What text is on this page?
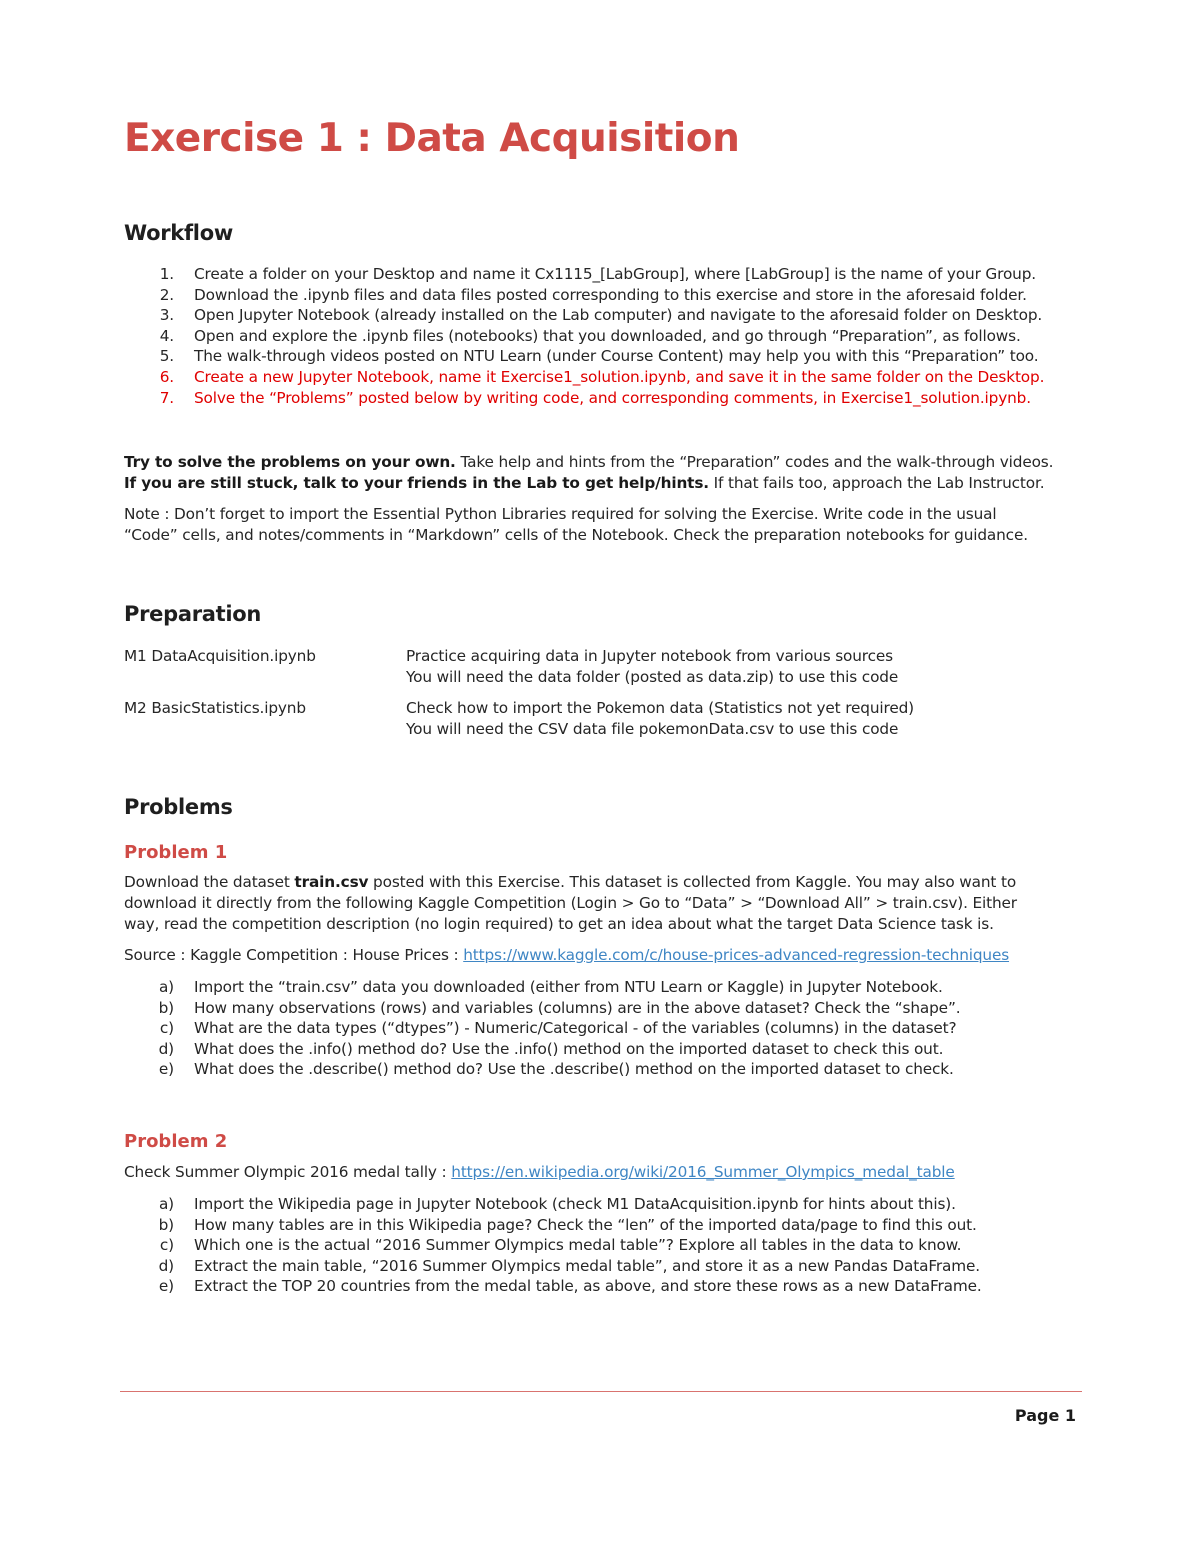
Exercise 1 : Data Acquisition
Workflow
1.	Create a folder on your Desktop and name it Cx1115_[LabGroup], where [LabGroup] is the name of your Group.
2.	Download the .ipynb files and data files posted corresponding to this exercise and store in the aforesaid folder.
3.	Open Jupyter Notebook (already installed on the Lab computer) and navigate to the aforesaid folder on Desktop.
4.	Open and explore the .ipynb files (notebooks) that you downloaded, and go through “Preparation”, as follows.
5.	The walk-through videos posted on NTU Learn (under Course Content) may help you with this “Preparation” too.
6.	Create a new Jupyter Notebook, name it Exercise1_solution.ipynb, and save it in the same folder on the Desktop.
7.	Solve the “Problems” posted below by writing code, and corresponding comments, in Exercise1_solution.ipynb.
Try to solve the problems on your own. Take help and hints from the “Preparation” codes and the walk-through videos.
If you are still stuck, talk to your friends in the Lab to get help/hints. If that fails too, approach the Lab Instructor.
Note : Don’t forget to import the Essential Python Libraries required for solving the Exercise. Write code in the usual
“Code” cells, and notes/comments in “Markdown” cells of the Notebook. Check the preparation notebooks for guidance.
Preparation
M1 DataAcquisition.ipynb	Practice acquiring data in Jupyter notebook from various sources
You will need the data folder (posted as data.zip) to use this code
M2 BasicStatistics.ipynb	Check how to import the Pokemon data (Statistics not yet required)
You will need the CSV data file pokemonData.csv to use this code
Problems
Problem 1
Download the dataset train.csv posted with this Exercise. This dataset is collected from Kaggle. You may also want to
download it directly from the following Kaggle Competition (Login > Go to “Data” > “Download All” > train.csv). Either
way, read the competition description (no login required) to get an idea about what the target Data Science task is.
Source : Kaggle Competition : House Prices : https://www.kaggle.com/c/house-prices-advanced-regression-techniques
a)	Import the “train.csv” data you downloaded (either from NTU Learn or Kaggle) in Jupyter Notebook.
b)	How many observations (rows) and variables (columns) are in the above dataset? Check the “shape”.
c)	What are the data types (“dtypes”) - Numeric/Categorical - of the variables (columns) in the dataset?
d)	What does the .info() method do? Use the .info() method on the imported dataset to check this out.
e)	What does the .describe() method do? Use the .describe() method on the imported dataset to check.
Problem 2
Check Summer Olympic 2016 medal tally : https://en.wikipedia.org/wiki/2016_Summer_Olympics_medal_table
a)	Import the Wikipedia page in Jupyter Notebook (check M1 DataAcquisition.ipynb for hints about this).
b)	How many tables are in this Wikipedia page? Check the “len” of the imported data/page to find this out.
c)	Which one is the actual “2016 Summer Olympics medal table”? Explore all tables in the data to know.
d)	Extract the main table, “2016 Summer Olympics medal table”, and store it as a new Pandas DataFrame.
e)	Extract the TOP 20 countries from the medal table, as above, and store these rows as a new DataFrame.
Page 1
